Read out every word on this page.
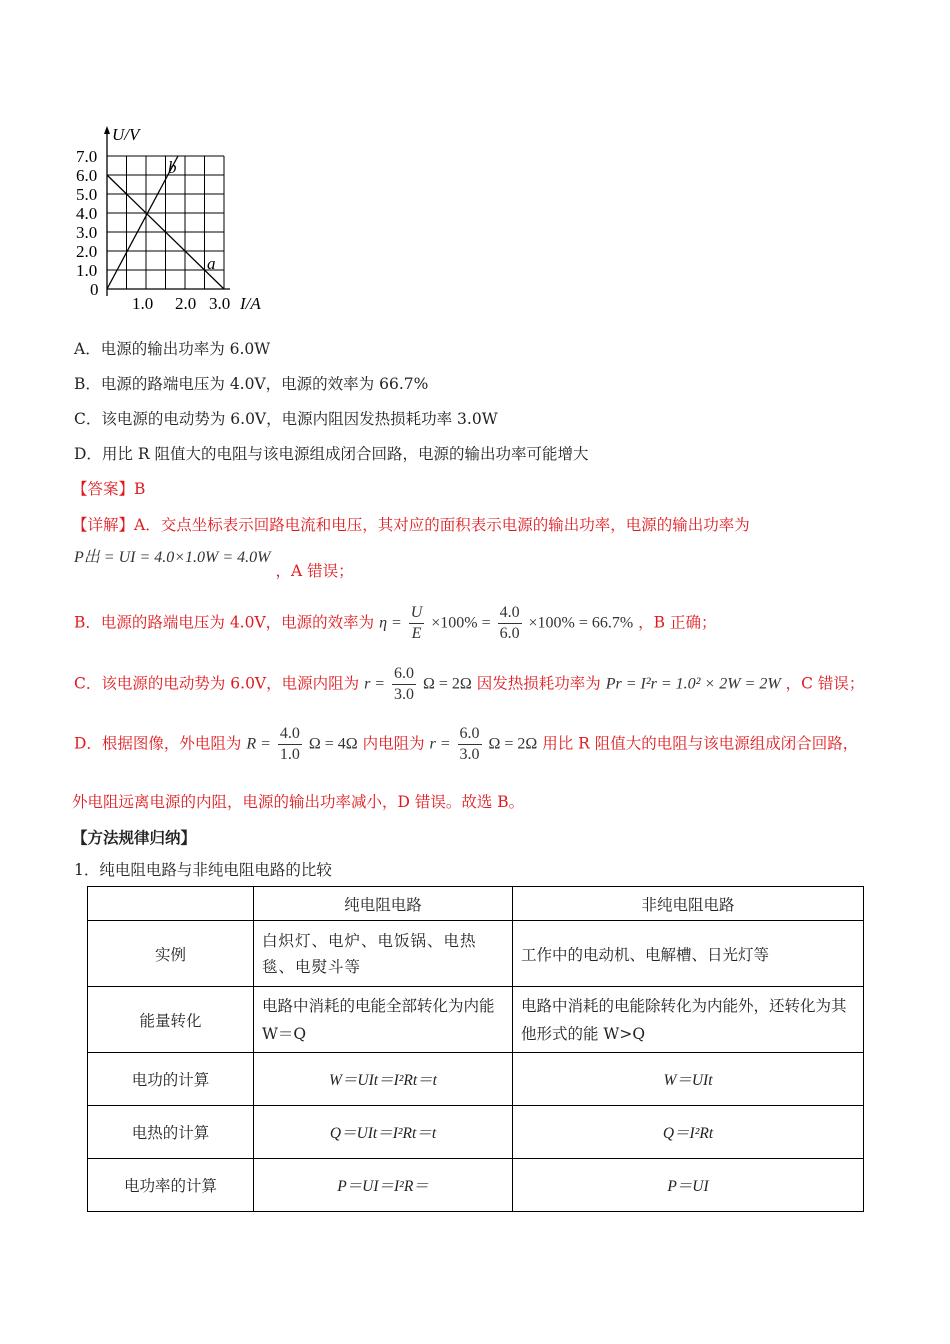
U/V
I/A
b
a
7.0
6.0
5.0
4.0
3.0
2.0
1.0
0
1.0 2.0 3.0
A．电源的输出功率为 6.0W
B．电源的路端电压为 4.0V，电源的效率为 66.7%
C．该电源的电动势为 6.0V，电源内阻因发热损耗功率 3.0W
D．用比 R 阻值大的电阻与该电源组成闭合回路，电源的输出功率可能增大
【答案】B
【详解】A．交点坐标表示回路电流和电压，其对应的面积表示电源的输出功率，电源的输出功率为
P出 = UI = 4.0×1.0W = 4.0W ，A 错误；
B．电源的路端电压为 4.0V，电源的效率为 $\eta = \frac{U}{E} \times 100\% = \frac{4.0}{6.0} \times 100\% = 66.7\%$ ，B 正确；
C．该电源的电动势为 6.0V，电源内阻为 $r = \frac{6.0}{3.0}$ Ω = 2Ω 因发热损耗功率为 Pr = I²r = 1.0² × 2W = 2W ，C 错误；
D．根据图像，外电阻为 $R = \frac{4.0}{1.0}$ Ω = 4Ω 内电阻为 $r = \frac{6.0}{3.0}$ Ω = 2Ω 用比 R 阻值大的电阻与该电源组成闭合回路，
外电阻远离电源的内阻，电源的输出功率减小，D 错误。故选 B。
【方法规律归纳】
1．纯电阻电路与非纯电阻电路的比较
	纯电阻电路	非纯电阻电路
实例	白炽灯、电炉、电饭锅、电热毯、电熨斗等	工作中的电动机、电解槽、日光灯等
能量转化	电路中消耗的电能全部转化为内能 W＝Q	电路中消耗的电能除转化为内能外，还转化为其他形式的能 W>Q
电功的计算	W＝UIt＝I²Rt＝t	W＝UIt
电热的计算	Q＝UIt＝I²Rt＝t	Q＝I²Rt
电功率的计算	P＝UI＝I²R＝	P＝UI
